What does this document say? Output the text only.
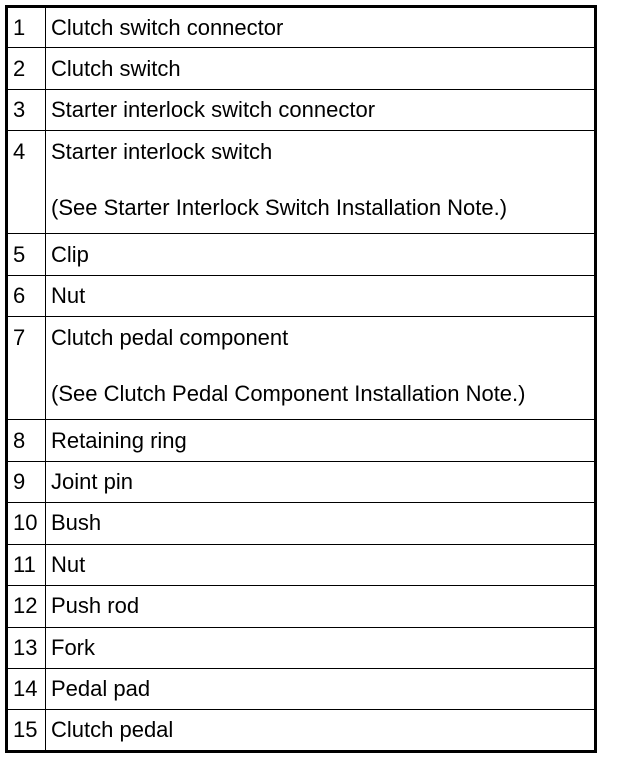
1	Clutch switch connector
2	Clutch switch
3	Starter interlock switch connector
4	Starter interlock switch
(See Starter Interlock Switch Installation Note.)

5	Clip
6	Nut
7	Clutch pedal component
(See Clutch Pedal Component Installation Note.)

8	Retaining ring
9	Joint pin
10	Bush
11	Nut
12	Push rod
13	Fork
14	Pedal pad
15	Clutch pedal
